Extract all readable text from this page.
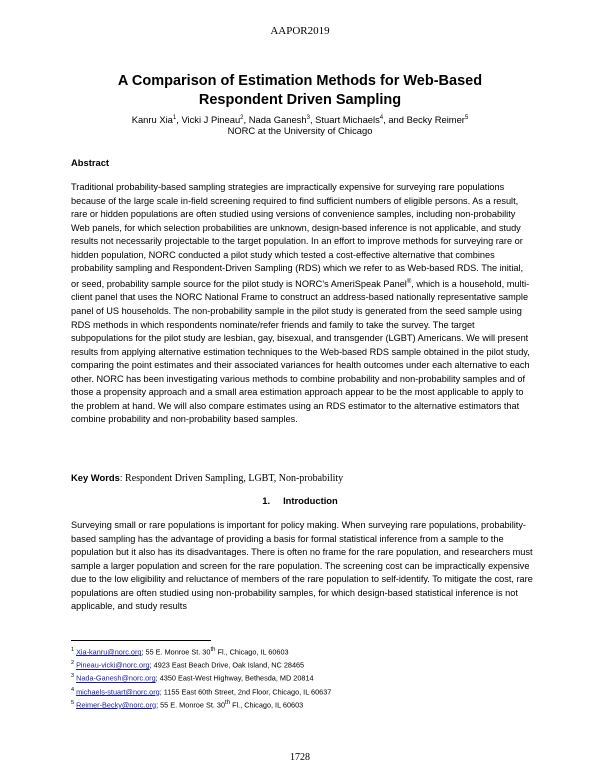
AAPOR2019
A Comparison of Estimation Methods for Web-Based
Respondent Driven Sampling
Kanru Xia$^1$, Vicki J Pineau$^2$, Nada Ganesh$^3$, Stuart Michaels$^4$, and Becky Reimer$^5$
NORC at the University of Chicago
Abstract

Traditional probability-based sampling strategies are impractically expensive for surveying rare populations because of the large scale in-field screening required to find sufficient numbers of eligible persons. As a result, rare or hidden populations are often studied using versions of convenience samples, including non-probability Web panels, for which selection probabilities are unknown, design-based inference is not applicable, and study results not necessarily projectable to the target population. In an effort to improve methods for surveying rare or hidden population, NORC conducted a pilot study which tested a cost-effective alternative that combines probability sampling and Respondent-Driven Sampling (RDS) which we refer to as Web-based RDS. The initial, or seed, probability sample source for the pilot study is NORC’s AmeriSpeak Panel®, which is a household, multi-client panel that uses the NORC National Frame to construct an address-based nationally representative sample panel of US households. The non-probability sample in the pilot study is generated from the seed sample using RDS methods in which respondents nominate/refer friends and family to take the survey. The target subpopulations for the pilot study are lesbian, gay, bisexual, and transgender (LGBT) Americans. We will present results from applying alternative estimation techniques to the Web-based RDS sample obtained in the pilot study, comparing the point estimates and their associated variances for health outcomes under each alternative to each other. NORC has been investigating various methods to combine probability and non-probability samples and of those a propensity approach and a small area estimation approach appear to be the most applicable to apply to the problem at hand. We will also compare estimates using an RDS estimator to the alternative estimators that combine probability and non-probability based samples.

Key Words: Respondent Driven Sampling, LGBT, Non-probability
1.     Introduction

Surveying small or rare populations is important for policy making. When surveying rare populations, probability-based sampling has the advantage of providing a basis for formal statistical inference from a sample to the population but it also has its disadvantages. There is often no frame for the rare population, and researchers must sample a larger population and screen for the rare population. The screening cost can be impractically expensive due to the low eligibility and reluctance of members of the rare population to self-identify. To mitigate the cost, rare populations are often studied using non-probability samples, for which design-based statistical inference is not applicable, and study results

$^1$ Xia-kanru@norc.org; 55 E. Monroe St. 30th Fl., Chicago, IL 60603
$^2$ Pineau-vicki@norc.org; 4923 East Beach Drive, Oak Island, NC 28465
$^3$ Nada-Ganesh@norc.org; 4350 East-West Highway, Bethesda, MD 20814
$^4$ michaels-stuart@norc.org; 1155 East 60th Street, 2nd Floor, Chicago, IL 60637
$^5$ Reimer-Becky@norc.org; 55 E. Monroe St. 30th Fl., Chicago, IL 60603
1728
